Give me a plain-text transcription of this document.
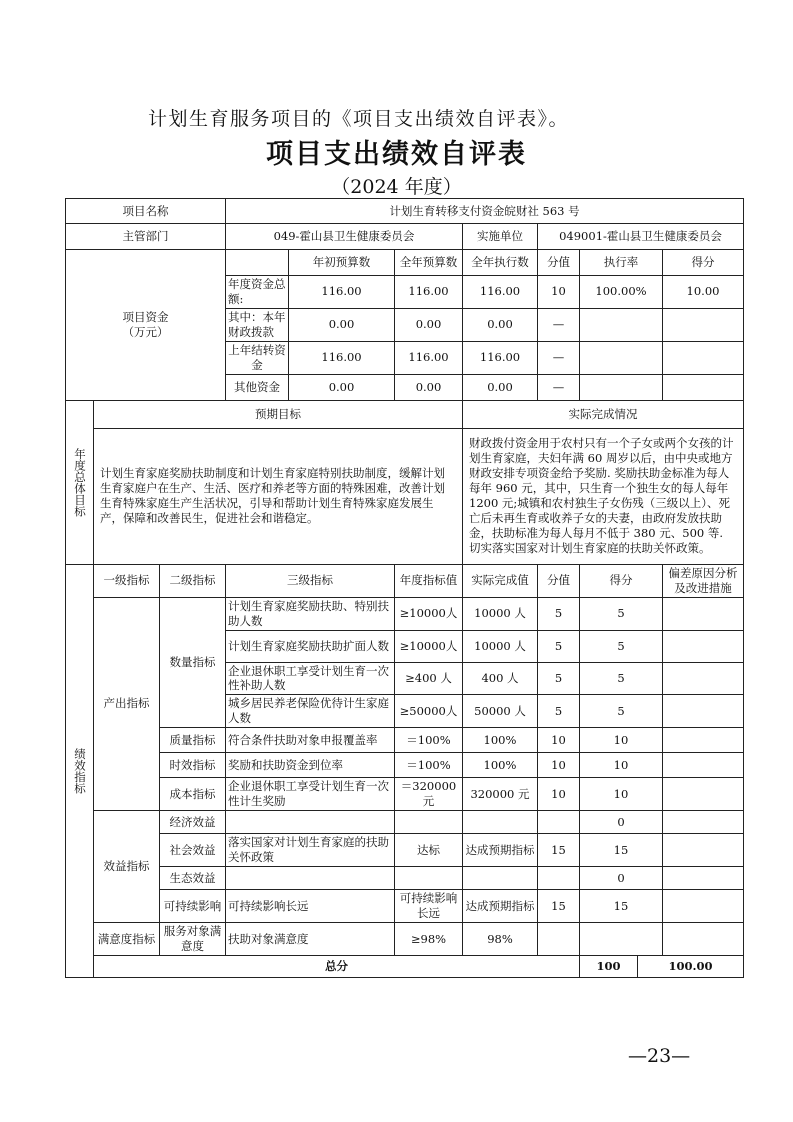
计划生育服务项目的《项目支出绩效自评表》。
项目支出绩效自评表
（2024 年度）
项目名称			计划生育转移支付资金皖财社 563 号								
主管部门			049-霍山县卫生健康委员会			实施单位	049001-霍山县卫生健康委员会				
项目资金
（万元）				年初预算数	全年预算数	全年执行数	分值	执行率		得分	
			年度资金总额:	116.00	116.00	116.00	10	100.00%		10.00	
			其中：本年财政拨款	0.00	0.00	0.00	—				
			上年结转资金	116.00	116.00	116.00	—				
			其他资金	0.00	0.00	0.00	—				

年度总体目标	预期目标					实际完成情况					
	计划生育家庭奖励扶助制度和计划生育家庭特别扶助制度，缓解计划生育家庭户在生产、生活、医疗和养老等方面的特殊困难，改善计划生育特殊家庭生产生活状况，引导和帮助计划生育特殊家庭发展生产，保障和改善民生，促进社会和谐稳定。					财政拨付资金用于农村只有一个子女或两个女孩的计划生育家庭，夫妇年满 60 周岁以后，由中央或地方财政安排专项资金给予奖励. 奖励扶助金标准为每人每年 960 元，其中，只生育一个独生女的每人每年 1200 元;城镇和农村独生子女伤残（三级以上）、死亡后未再生育或收养子女的夫妻，由政府发放扶助金，扶助标准为每人每月不低于 380 元、500 等. 切实落实国家对计划生育家庭的扶助关怀政策。					

绩效指标	一级指标	二级指标	三级指标		年度指标值	实际完成值	分值	得分		偏差原因分析及改进措施	
	产出指标	数量指标	计划生育家庭奖励扶助、特别扶助人数		≥10000人	10000 人	5	5			
			计划生育家庭奖励扶助扩面人数		≥10000人	10000 人	5	5			
			企业退休职工享受计划生育一次性补助人数		≥400 人	400 人	5	5			
			城乡居民养老保险优待计生家庭人数		≥50000人	50000 人	5	5			
		质量指标	符合条件扶助对象申报覆盖率		＝100%	100%	10	10			
		时效指标	奖励和扶助资金到位率		＝100%	100%	10	10			
		成本指标	企业退休职工享受计划生育一次性计生奖励		＝320000元	320000 元	10	10			
	效益指标	经济效益						0			
		社会效益	落实国家对计划生育家庭的扶助关怀政策		达标	达成预期指标	15	15			
		生态效益						0			
		可持续影响	可持续影响长远		可持续影响长远	达成预期指标	15	15			
	满意度指标	服务对象满意度	扶助对象满意度		≥98%	98%					
	总分							100	100.00		
—23—
